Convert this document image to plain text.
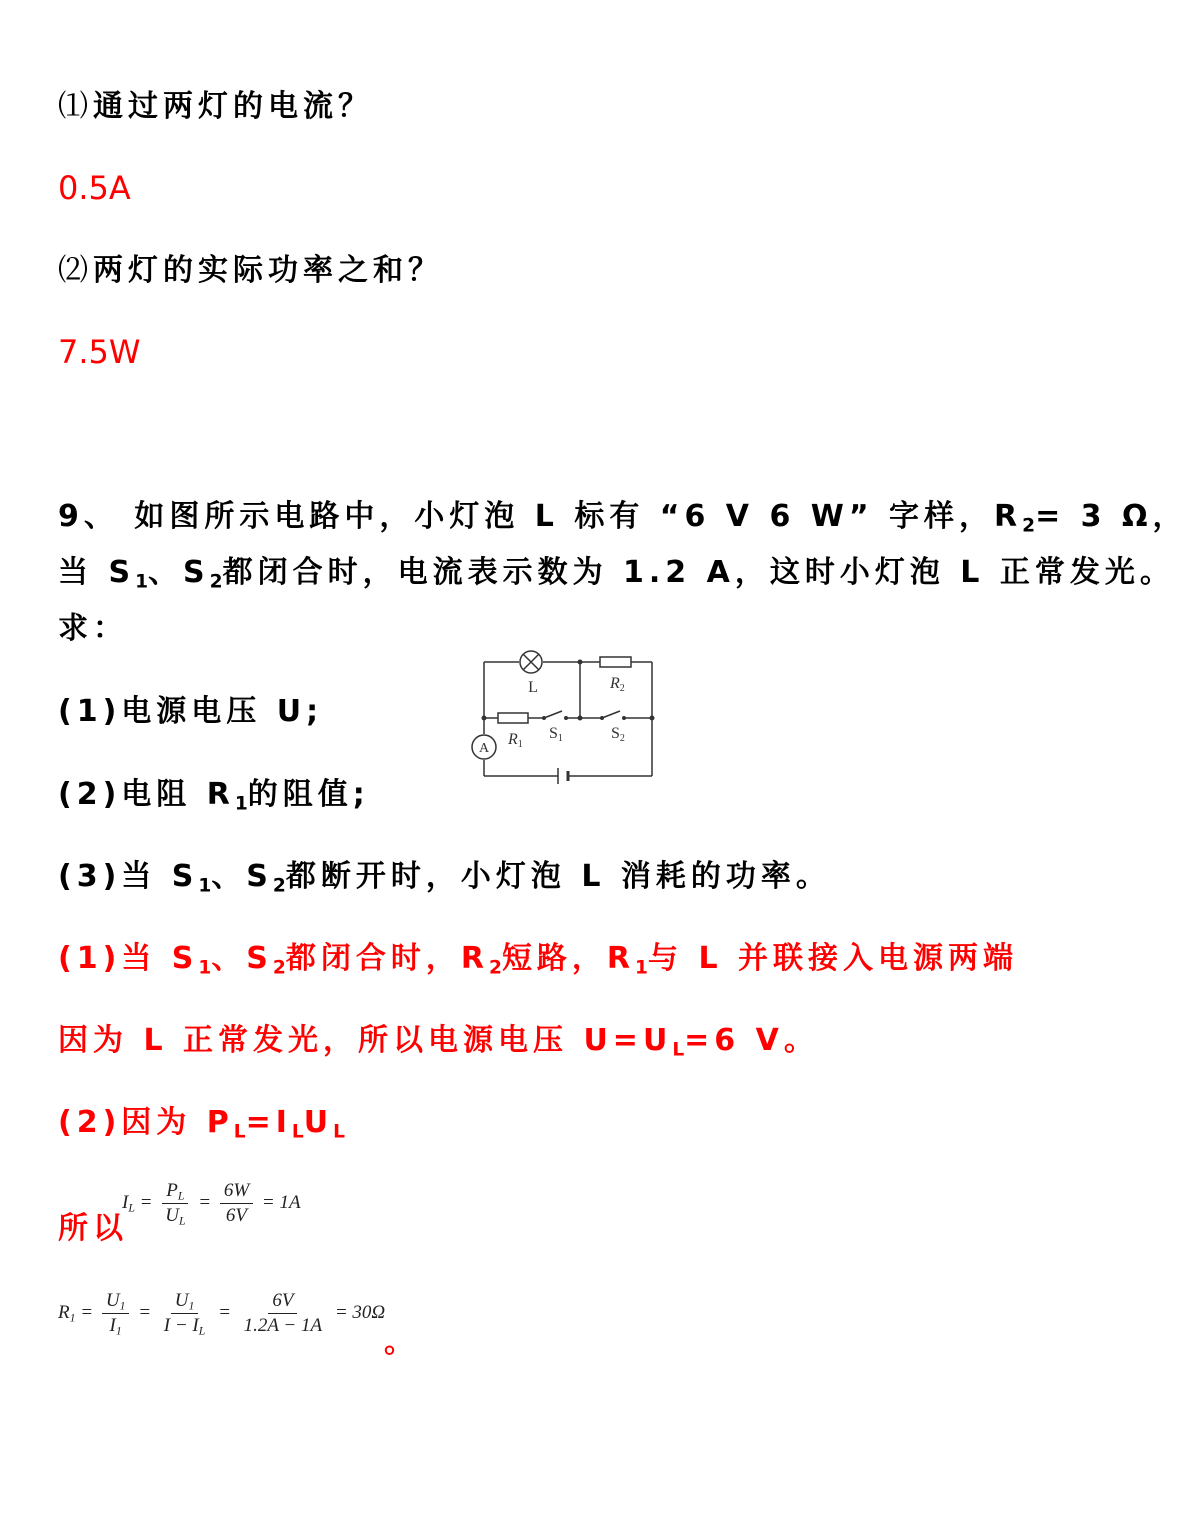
⑴通过两灯的电流？
0.5A
⑵两灯的实际功率之和？
7.5W
9、 如图所示电路中，小灯泡 L 标有 “6 V 6 W” 字样，$R_2= 3$ Ω，
当 $S_1$、$S_2$都闭合时，电流表示数为 1.2 A，这时小灯泡 L 正常发光。
求：
(1)电源电压 U;
(2)电阻 $R_1$的阻值;
(3)当 $S_1$、$S_2$都断开时，小灯泡 L 消耗的功率。
A
L	R2
R1
S1	S2
(1)当 $S_1$、$S_2$都闭合时，$R_2$短路，$R_1$与 L 并联接入电源两端
因为 L 正常发光，所以电源电压 $U=U_L=6$ V。
(2)因为 $P_L=I_LU_L$
所以
$I_L = \frac{P_L}{U_L} = \frac{6W}{6V} = 1A$
$R_1 = \frac{U_1}{I_1} = \frac{U_1}{I - I_L} = \frac{6V}{1.2A - 1A} = 30\Omega$
。
